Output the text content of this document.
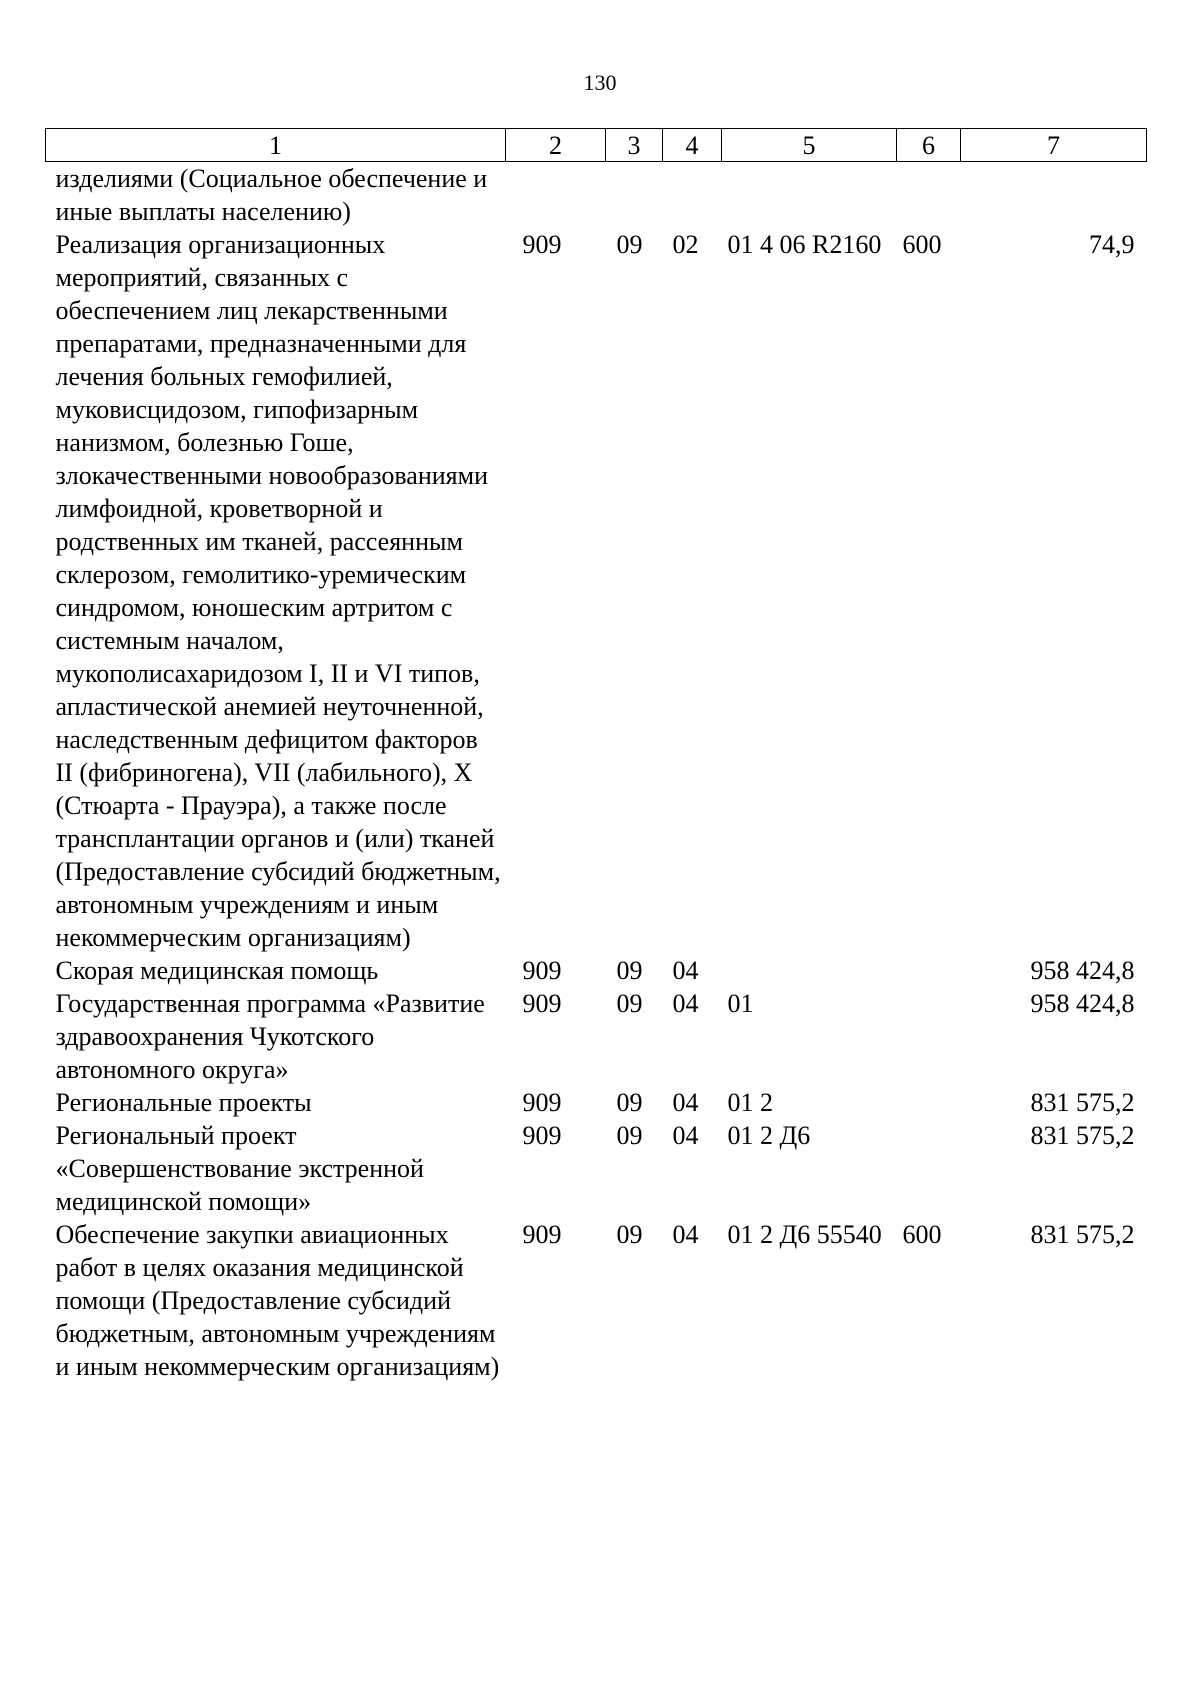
130
1	2	3	4	5	6	7
изделиями (Социальное обеспечение и иные выплаты населению)						
Реализация организационных мероприятий, связанных с обеспечением лиц лекарственными препаратами, предназначенными для лечения больных гемофилией, муковисцидозом, гипофизарным нанизмом, болезнью Гоше, злокачественными новообразованиями лимфоидной, кроветворной и родственных им тканей, рассеянным склерозом, гемолитико-уремическим синдромом, юношеским артритом с системным началом, мукополисахаридозом I, II и VI типов, апластической анемией неуточненной, наследственным дефицитом факторов II (фибриногена), VII (лабильного), X (Стюарта - Прауэра), а также после трансплантации органов и (или) тканей (Предоставление субсидий бюджетным, автономным учреждениям и иным некоммерческим организациям)	909	09	02	01 4 06 R2160	600	74,9
Скорая медицинская помощь	909	09	04			958 424,8
Государственная программа «Развитие здравоохранения Чукотского автономного округа»	909	09	04	01		958 424,8
Региональные проекты	909	09	04	01 2		831 575,2
Региональный проект «Совершенствование экстренной медицинской помощи»	909	09	04	01 2 Д6		831 575,2
Обеспечение закупки авиационных работ в целях оказания медицинской помощи (Предоставление субсидий бюджетным, автономным учреждениям и иным некоммерческим организациям)	909	09	04	01 2 Д6 55540	600	831 575,2
